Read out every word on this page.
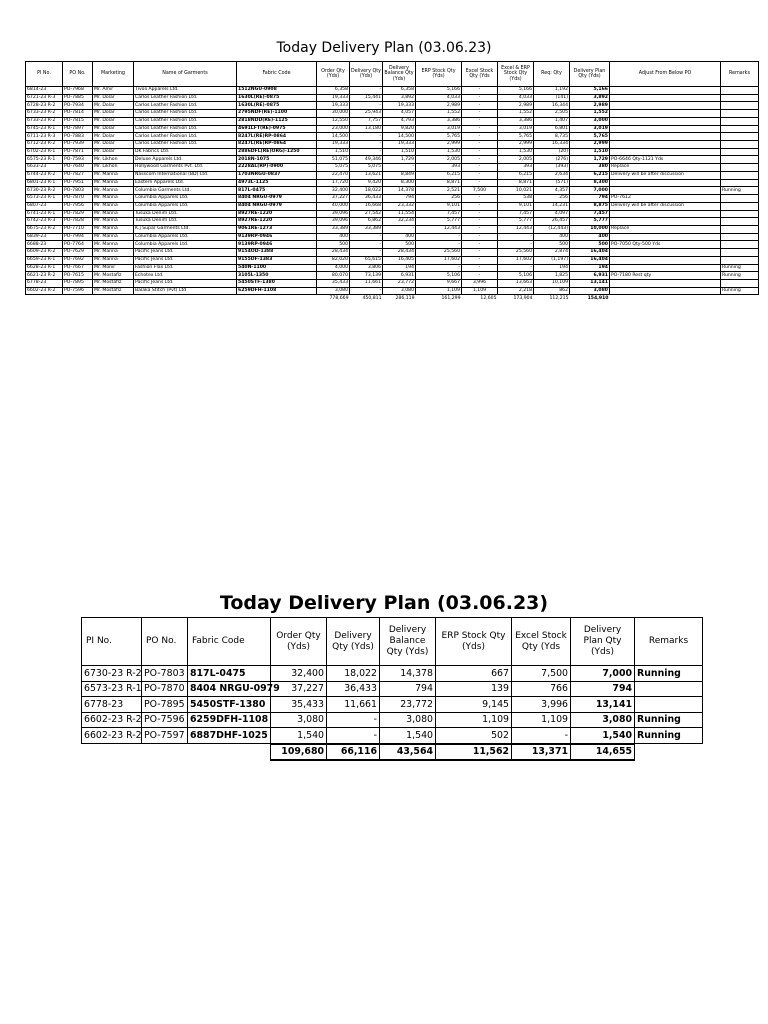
Today Delivery Plan (03.06.23)
PI No.	PO No.	Marketing	Name of Garments	Fabric Code	Order Qty (Yds)	Delivery Qty (Yds)	Delivery Balance Qty (Yds)	ERP Stock Qty (Yds)	Excel Stock Qty (Yds	Excel & ERP Stock Qty (Yds)	Req: Qty	Delivery Plan Qty (Yds)	Adjust From Below PO	Remarks
6814-23	PO-7968	Mr. Amir	Tivoli Apparels Ltd.	1512NGU-0908	6,358	-	6,358	5,166	-	5,166	1,192	5,166		
6721-23 R-3	PO-7885	Mr. Dolar	Carlos Leather Fashion Ltd.	1630L(RE)-0875	19,333	15,441	3,892	4,033	-	4,033	(141)	3,892		
6728-23 R-2	PO-7934	Mr. Dolar	Carlos Leather Fashion Ltd.	1630L(RE)-0875	19,333	-	19,333	2,989	-	2,989	16,344	2,989		
6733-23 R-2	PO-7814	Mr. Dolar	Carlos Leather Fashion Ltd.	2795NDF(RE)-1100	30,000	25,943	4,057	1,552	-	1,552	2,505	1,552		
6733-23 R-2	PO-7815	Mr. Dolar	Carlos Leather Fashion Ltd.	2818NDD(RE)-1125	12,550	7,757	4,793	3,386	-	3,386	1,407	3,000		
6745-23 R-1	PO-7897	Mr. Dolar	Carlos Leather Fashion Ltd.	4691LFT(RE)-0975	23,000	13,180	9,820	3,019	-	3,019	6,801	3,019		
6711-23 R-3	PO-7883	Mr. Dolar	Carlos Leather Fashion Ltd.	8247L(RE)RP-0864	14,500	-	14,500	5,765	-	5,765	8,735	5,765		
6712-23 R-2	PO-7939	Mr. Dolar	Carlos Leather Fashion Ltd.	8247L(RE)RP-0864	19,333	-	19,333	2,999	-	2,999	16,334	2,999		
6702-23 R-1	PO-7871	Mr. Dolar	DK Fabrics Ltd.	2886DFL(RE)ORG)-1250	1,510	-	1,510	1,530	-	1,530	(20)	1,510		
6575-23 R-1	PO-7593	Mr. Likhon	Deluxe Apparels Ltd.	2018N-1075	51,075	49,346	1,729	2,005	-	2,005	(276)	1,729	PO-6646 Qty-1121 Yds	
6633-23	PO-7640	Mr. Likhon	Hollywood Garments Pvt. Ltd.	2228AL(RP)-0900	5,075	5,075	-	393	-	393	(393)	380	Replace	
6744-23 R-2	PO-7827	Mr. Manna	Nasscom International (BD) Ltd.	1703NRGU-0837	22,470	13,621	8,849	6,215	-	6,215	2,634	6,215	Delivery will be after discussion	
6801-23 R-1	PO-7951	Mr. Manna	Eastern Apparels Ltd.	4973L-1125	17,720	9,420	8,300	8,871	-	8,871	(571)	8,300		
6730-23 R-2	PO-7803	Mr. Manna	Columbia Garments Ltd.	817L-0475	32,400	18,022	14,378	2,521	7,500	10,021	4,357	7,000		Running
6573-23 R-1	PO-7870	Mr. Manna	Columbia Apparels Ltd.	8404 NRGU-0979	37,227	36,433	794	256	-	538	256	794	PO-7612	
6807-23	PO-7956	Mr. Manna	Columbia Apparels Ltd.	8404 NRGU-0979	40,000	16,668	23,332	9,101	-	9,101	14,231	8,875	Delivery will be after discussion	
6741-23 R-1	PO-7829	Mr. Manna	Tusuka Denim Ltd.	8927RE-1220	39,096	27,542	11,554	7,457	-	7,457	4,097	7,457		
6742-23 R-3	PO-7828	Mr. Manna	Tusuka Denim Ltd.	8927RE-1220	39,096	6,862	32,234	5,777	-	5,777	26,457	5,777		
6675-23 R-2	PO-7710	Mr. Manna	K.j Supar Garments Ltd.	9061RE-1273	33,389	33,389	-	12,443	-	12,443	(12,443)	10,000	Replace	
6839-23	PO-7994	Mr. Manna	Columbia Apparels Ltd.	9139RP-0946	400	-	400	-	-	-	400	400		
6688-23	PO-7764	Mr. Manna	Columbia Apparels Ltd.	9139RP-0946	500	-	500	-	-	-	500	500	PO-7050 Qty-500 Yds	
6609-23 R-2	PO-7629	Mr. Manna	Pacific Jeans Ltd.	9154OD-1388	28,434	-	28,434	25,560	-	25,560	2,874	16,404		
6659-23 R-1	PO-7692	Mr. Manna	Pacific Jeans Ltd.	9155DF-1383	82,020	65,615	16,405	17,602	-	17,602	(1,197)	16,404		
6628-23 R-1	PO-7667	Mr. Monir	Fashion Flax Ltd.	540N-1100	4,000	3,806	194	-	-	-	194	194		Running
6621-23 R-2	PO-7615	Mr. Mostafiz	Echotex Ltd.	3105L-1350	80,070	73,139	6,931	5,106	-	5,106	1,825	6,931	PO-7180 Rest qty	Running
6778-23	PO-7895	Mr. Mostafiz	Pacific Jeans Ltd.	5450STF-1380	35,433	11,661	23,772	9,667	3,996	13,663	10,109	13,141		
6602-23 R-2	PO-7596	Mr. Mostafiz	Balaka Stitch (Pvt) Ltd	6259DFH-1108	3,080	-	3,080	1,109	1,109	2,218	862	3,080		Running
					778,669	450,811	286,119	161,299	12,605	173,904	112,215	154,910		
Today Delivery Plan (03.06.23)
PI No.	PO No.	Fabric Code	Order Qty (Yds)	Delivery Qty (Yds)	Delivery Balance Qty (Yds)	ERP Stock Qty (Yds)	Excel Stock Qty (Yds	Delivery Plan Qty (Yds)	Remarks
6730-23 R-2	PO-7803	817L-0475	32,400	18,022	14,378	667	7,500	7,000	Running
6573-23 R-1	PO-7870	8404 NRGU-0979	37,227	36,433	794	139	766	794	
6778-23	PO-7895	5450STF-1380	35,433	11,661	23,772	9,145	3,996	13,141	
6602-23 R-2	PO-7596	6259DFH-1108	3,080	-	3,080	1,109	1,109	3,080	Running
6602-23 R-2	PO-7597	6887DHF-1025	1,540	-	1,540	502	-	1,540	Running
			109,680	66,116	43,564	11,562	13,371	14,655	
